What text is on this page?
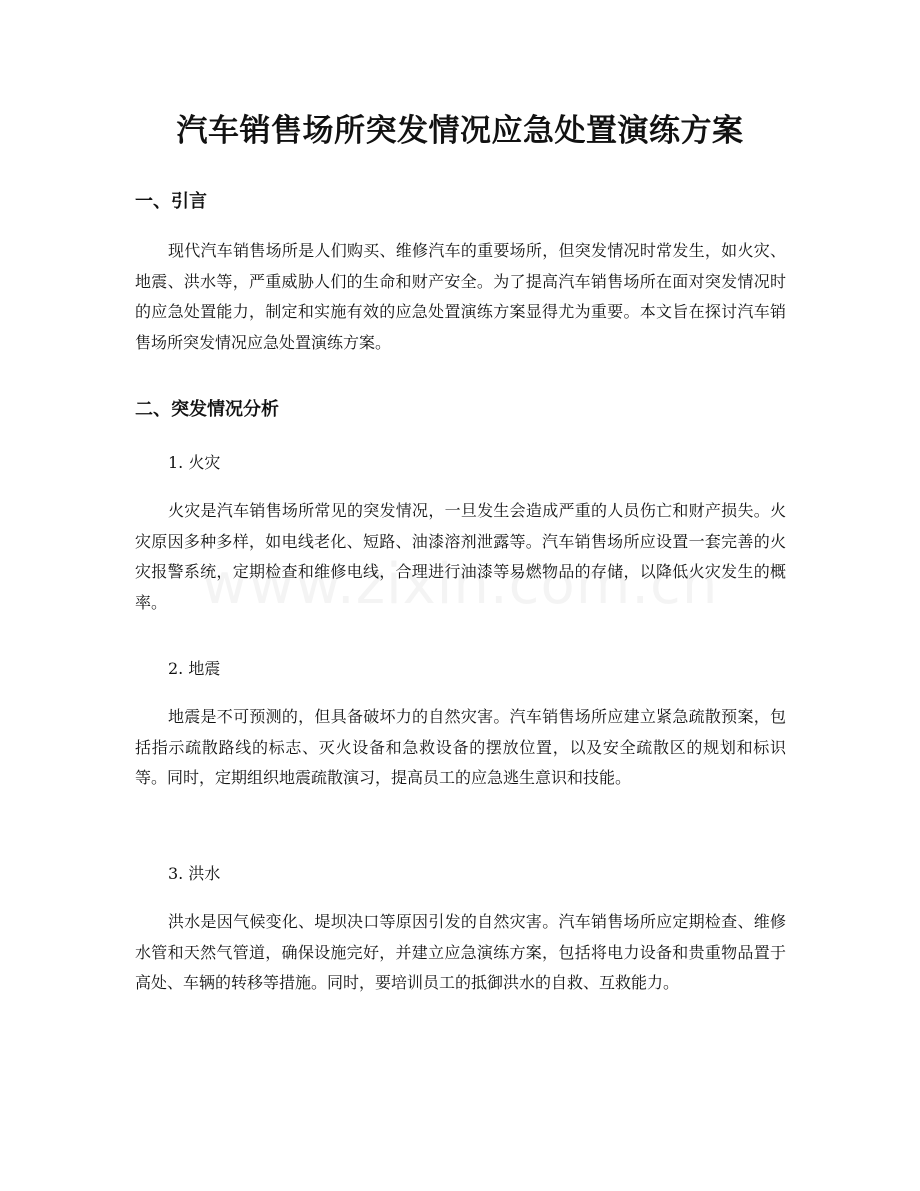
汽车销售场所突发情况应急处置演练方案
一、引言

现代汽车销售场所是人们购买、维修汽车的重要场所，但突发情况时常发生，如火灾、地震、洪水等，严重威胁人们的生命和财产安全。为了提高汽车销售场所在面对突发情况时的应急处置能力，制定和实施有效的应急处置演练方案显得尤为重要。本文旨在探讨汽车销售场所突发情况应急处置演练方案。

二、突发情况分析
1. 火灾

火灾是汽车销售场所常见的突发情况，一旦发生会造成严重的人员伤亡和财产损失。火灾原因多种多样，如电线老化、短路、油漆溶剂泄露等。汽车销售场所应设置一套完善的火灾报警系统，定期检查和维修电线，合理进行油漆等易燃物品的存储，以降低火灾发生的概率。

2. 地震

地震是不可预测的，但具备破坏力的自然灾害。汽车销售场所应建立紧急疏散预案，包括指示疏散路线的标志、灭火设备和急救设备的摆放位置，以及安全疏散区的规划和标识等。同时，定期组织地震疏散演习，提高员工的应急逃生意识和技能。

3. 洪水

洪水是因气候变化、堤坝决口等原因引发的自然灾害。汽车销售场所应定期检查、维修水管和天然气管道，确保设施完好，并建立应急演练方案，包括将电力设备和贵重物品置于高处、车辆的转移等措施。同时，要培训员工的抵御洪水的自救、互救能力。
